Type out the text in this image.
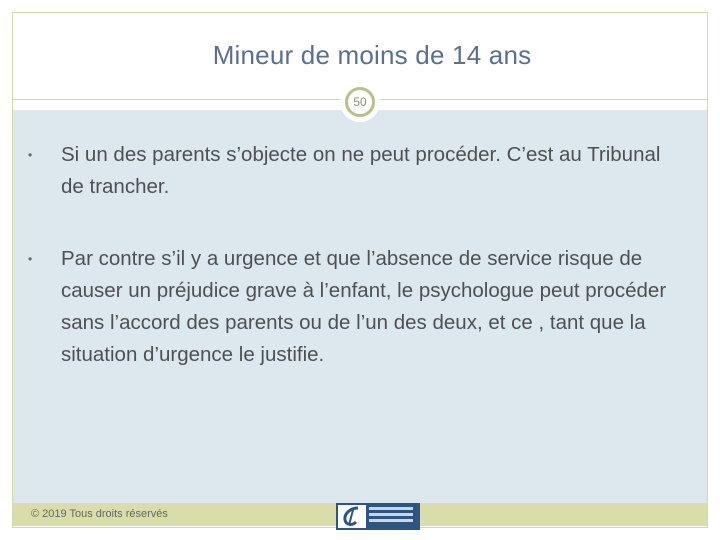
Mineur de moins de 14 ans
50
• Si un des parents s’objecte on ne peut procéder. C’est au Tribunal de trancher.
• Par contre s’il y a urgence et que l’absence de service risque de causer un préjudice grave à l’enfant, le psychologue peut procéder sans l’accord des parents ou de l’un des deux, et ce , tant que la situation d’urgence le justifie.
© 2019 Tous droits réservés
